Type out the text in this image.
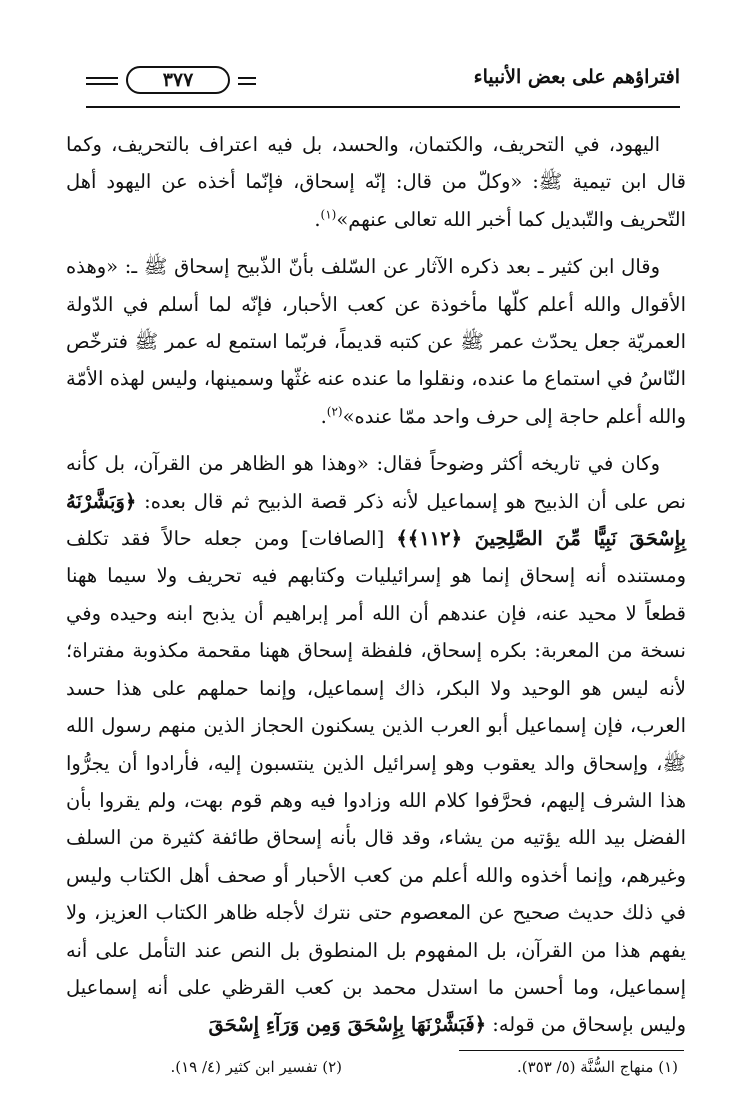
افتراؤهم على بعض الأنبياء
٣٧٧

اليهود، في التحريف، والكتمان، والحسد، بل فيه اعتراف بالتحريف، وكما قال ابن تيمية ﷺ: «وكلّ من قال: إنّه إسحاق، فإنّما أخذه عن اليهود أهل التّحريف والتّبديل كما أخبر الله تعالى عنهم»$^{(١)}$.

وقال ابن كثير ـ بعد ذكره الآثار عن السّلف بأنّ الذّبيح إسحاق ﷺ ـ: «وهذه الأقوال والله أعلم كلّها مأخوذة عن كعب الأحبار، فإنّه لما أسلم في الدّولة العمريّة جعل يحدّث عمر ﷺ عن كتبه قديماً، فربّما استمع له عمر ﷺ فترخّص النّاسُ في استماع ما عنده، ونقلوا ما عنده عنه غثّها وسمينها، وليس لهذه الأمّة والله أعلم حاجة إلى حرف واحد ممّا عنده»$^{(٢)}$.

وكان في تاريخه أكثر وضوحاً فقال: «وهذا هو الظاهر من القرآن، بل كأنه نص على أن الذبيح هو إسماعيل لأنه ذكر قصة الذبيح ثم قال بعده: ﴿وَبَشَّرْنَهُ بِإِسْحَقَ نَبِيًّا مِّنَ الصَّلِحِينَ ﴿١١٢﴾﴾ [الصافات] ومن جعله حالاً فقد تكلف ومستنده أنه إسحاق إنما هو إسرائيليات وكتابهم فيه تحريف ولا سيما ههنا قطعاً لا محيد عنه، فإن عندهم أن الله أمر إبراهيم أن يذبح ابنه وحيده وفي نسخة من المعربة: بكره إسحاق، فلفظة إسحاق ههنا مقحمة مكذوبة مفتراة؛ لأنه ليس هو الوحيد ولا البكر، ذاك إسماعيل، وإنما حملهم على هذا حسد العرب، فإن إسماعيل أبو العرب الذين يسكنون الحجاز الذين منهم رسول الله ﷺ، وإسحاق والد يعقوب وهو إسرائيل الذين ينتسبون إليه، فأرادوا أن يجرُّوا هذا الشرف إليهم، فحرَّفوا كلام الله وزادوا فيه وهم قوم بهت، ولم يقروا بأن الفضل بيد الله يؤتيه من يشاء، وقد قال بأنه إسحاق طائفة كثيرة من السلف وغيرهم، وإنما أخذوه والله أعلم من كعب الأحبار أو صحف أهل الكتاب وليس في ذلك حديث صحيح عن المعصوم حتى نترك لأجله ظاهر الكتاب العزيز، ولا يفهم هذا من القرآن، بل المفهوم بل المنطوق بل النص عند التأمل على أنه إسماعيل، وما أحسن ما استدل محمد بن كعب القرظي على أنه إسماعيل وليس بإسحاق من قوله: ﴿فَبَشَّرْنَهَا بِإِسْحَقَ وَمِن وَرَآءِ إِسْحَقَ

(١) منهاج السُّنَّة (٥/ ٣٥٣).
(٢) تفسير ابن كثير (٤/ ١٩).
